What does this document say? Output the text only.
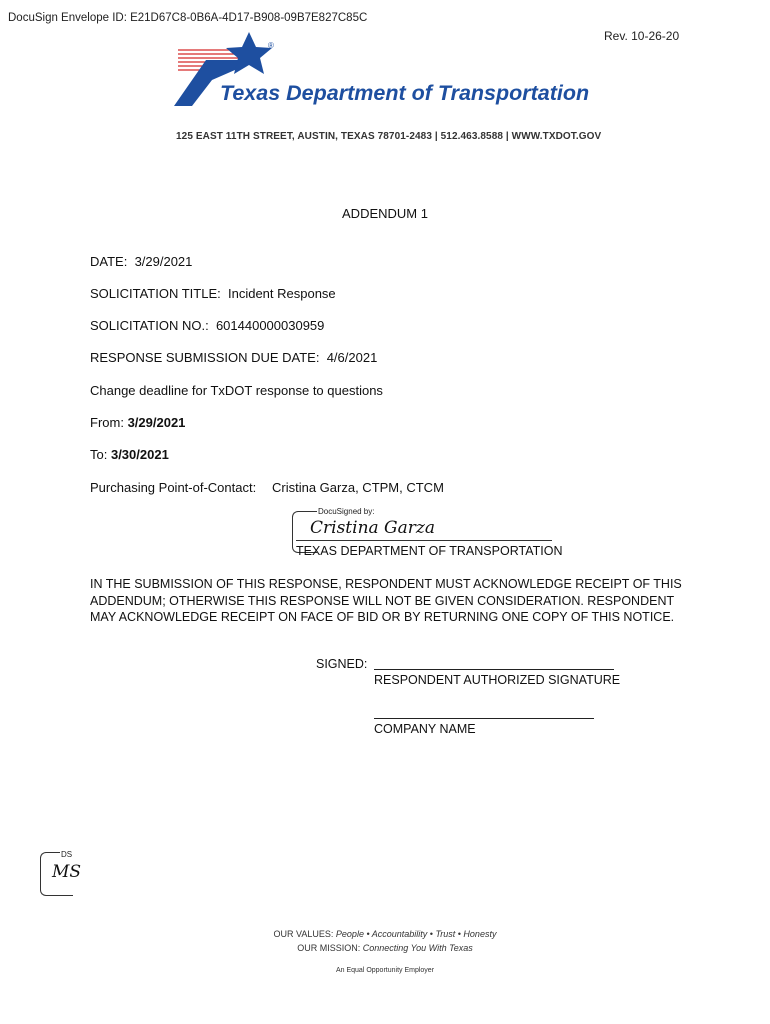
DocuSign Envelope ID: E21D67C8-0B6A-4D17-B908-09B7E827C85C
Rev. 10-26-20
®
Texas Department of Transportation
125 EAST 11TH STREET, AUSTIN, TEXAS 78701-2483 | 512.463.8588 | WWW.TXDOT.GOV
ADDENDUM 1
DATE: 3/29/2021
SOLICITATION TITLE: Incident Response
SOLICITATION NO.: 601440000030959
RESPONSE SUBMISSION DUE DATE: 4/6/2021
Change deadline for TxDOT response to questions
From: 3/29/2021
To: 3/30/2021
Purchasing Point-of-Contact: Cristina Garza, CTPM, CTCM
DocuSigned by:
Cristina Garza
TEXAS DEPARTMENT OF TRANSPORTATION
IN THE SUBMISSION OF THIS RESPONSE, RESPONDENT MUST ACKNOWLEDGE RECEIPT OF THIS ADDENDUM; OTHERWISE THIS RESPONSE WILL NOT BE GIVEN CONSIDERATION. RESPONDENT MAY ACKNOWLEDGE RECEIPT ON FACE OF BID OR BY RETURNING ONE COPY OF THIS NOTICE.
SIGNED:
RESPONDENT AUTHORIZED SIGNATURE
COMPANY NAME
DS
MS
OUR VALUES: People • Accountability • Trust • Honesty
OUR MISSION: Connecting You With Texas
An Equal Opportunity Employer
